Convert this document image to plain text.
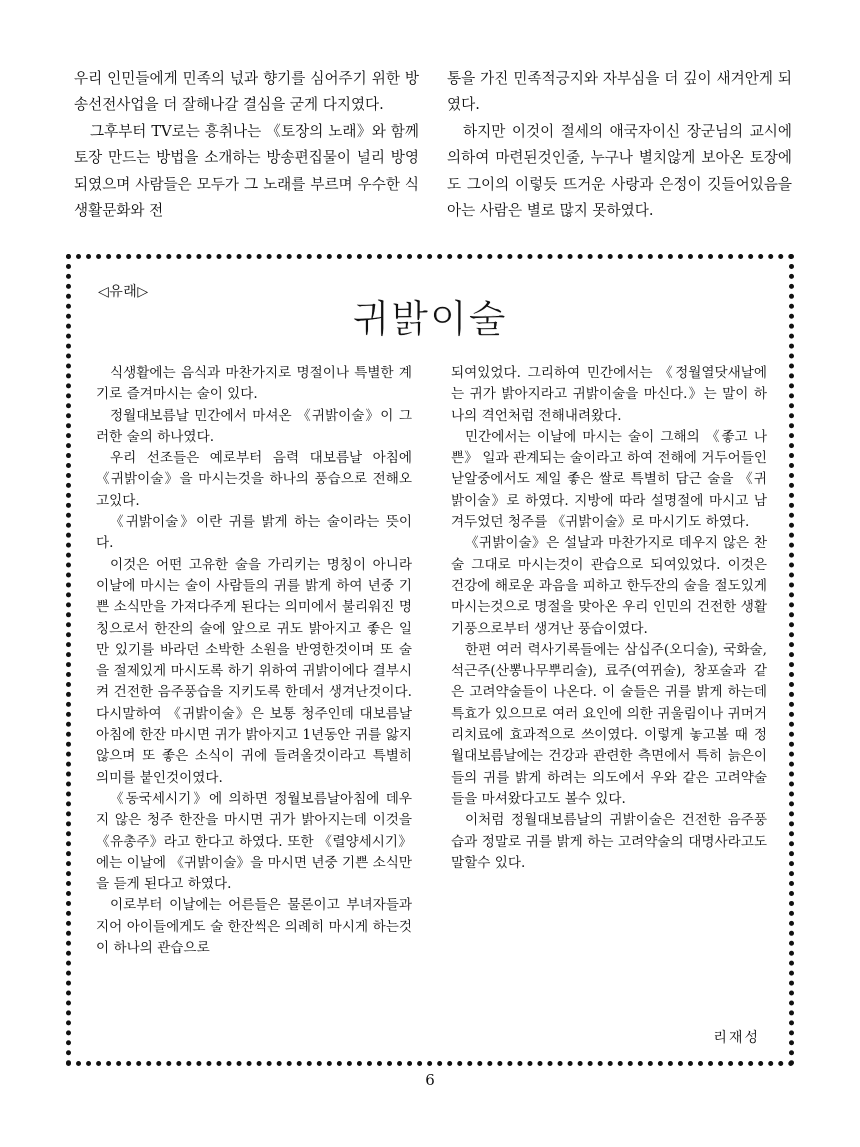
우리 인민들에게 민족의 넋과 향기를 심어주기 위한 방송선전사업을 더 잘해나갈 결심을 굳게 다지였다.

그후부터 TV로는 흥취나는 《토장의 노래》와 함께 토장 만드는 방법을 소개하는 방송편집물이 널리 방영되였으며 사람들은 모두가 그 노래를 부르며 우수한 식생활문화와 전

통을 가진 민족적긍지와 자부심을 더 깊이 새겨안게 되였다.

하지만 이것이 절세의 애국자이신 장군님의 교시에 의하여 마련된것인줄, 누구나 별치않게 보아온 토장에도 그이의 이렇듯 뜨거운 사랑과 은정이 깃들어있음을 아는 사람은 별로 많지 못하였다.

◁유래▷
귀밝이술

식생활에는 음식과 마찬가지로 명절이나 특별한 계기로 즐겨마시는 술이 있다.

정월대보름날 민간에서 마셔온 《귀밝이술》이 그러한 술의 하나였다.

우리 선조들은 예로부터 음력 대보름날 아침에 《귀밝이술》을 마시는것을 하나의 풍습으로 전해오고있다.

《귀밝이술》이란 귀를 밝게 하는 술이라는 뜻이다.

이것은 어떤 고유한 술을 가리키는 명칭이 아니라 이날에 마시는 술이 사람들의 귀를 밝게 하여 년중 기쁜 소식만을 가져다주게 된다는 의미에서 불리워진 명칭으로서 한잔의 술에 앞으로 귀도 밝아지고 좋은 일만 있기를 바라던 소박한 소원을 반영한것이며 또 술을 절제있게 마시도록 하기 위하여 귀밝이에다 결부시켜 건전한 음주풍습을 지키도록 한데서 생겨난것이다. 다시말하여 《귀밝이술》은 보통 청주인데 대보름날 아침에 한잔 마시면 귀가 밝아지고 1년동안 귀를 앓지 않으며 또 좋은 소식이 귀에 들려올것이라고 특별히 의미를 붙인것이였다.

《동국세시기》에 의하면 정월보름날아침에 데우지 않은 청주 한잔을 마시면 귀가 밝아지는데 이것을 《유총주》라고 한다고 하였다. 또한 《렬양세시기》에는 이날에 《귀밝이술》을 마시면 년중 기쁜 소식만을 듣게 된다고 하였다.

이로부터 이날에는 어른들은 물론이고 부녀자들과 지어 아이들에게도 술 한잔씩은 의례히 마시게 하는것이 하나의 관습으로

되여있었다. 그리하여 민간에서는 《정월열닷새날에는 귀가 밝아지라고 귀밝이술을 마신다.》는 말이 하나의 격언처럼 전해내려왔다.

민간에서는 이날에 마시는 술이 그해의 《좋고 나쁜》 일과 관계되는 술이라고 하여 전해에 거두어들인 낟알중에서도 제일 좋은 쌀로 특별히 담근 술을 《귀밝이술》로 하였다. 지방에 따라 설명절에 마시고 남겨두었던 청주를 《귀밝이술》로 마시기도 하였다.

《귀밝이술》은 설날과 마찬가지로 데우지 않은 찬술 그대로 마시는것이 관습으로 되여있었다. 이것은 건강에 해로운 과음을 피하고 한두잔의 술을 절도있게 마시는것으로 명절을 맞아온 우리 인민의 건전한 생활기풍으로부터 생겨난 풍습이였다.

한편 여러 력사기록들에는 삼십주(오디술), 국화술, 석근주(산뽕나무뿌리술), 료주(여뀌술), 창포술과 같은 고려약술들이 나온다. 이 술들은 귀를 밝게 하는데 특효가 있으므로 여러 요인에 의한 귀울림이나 귀머거리치료에 효과적으로 쓰이였다. 이렇게 놓고볼 때 정월대보름날에는 건강과 관련한 측면에서 특히 늙은이들의 귀를 밝게 하려는 의도에서 우와 같은 고려약술들을 마셔왔다고도 볼수 있다.

이처럼 정월대보름날의 귀밝이술은 건전한 음주풍습과 정말로 귀를 밝게 하는 고려약술의 대명사라고도 말할수 있다.

리재성
6
